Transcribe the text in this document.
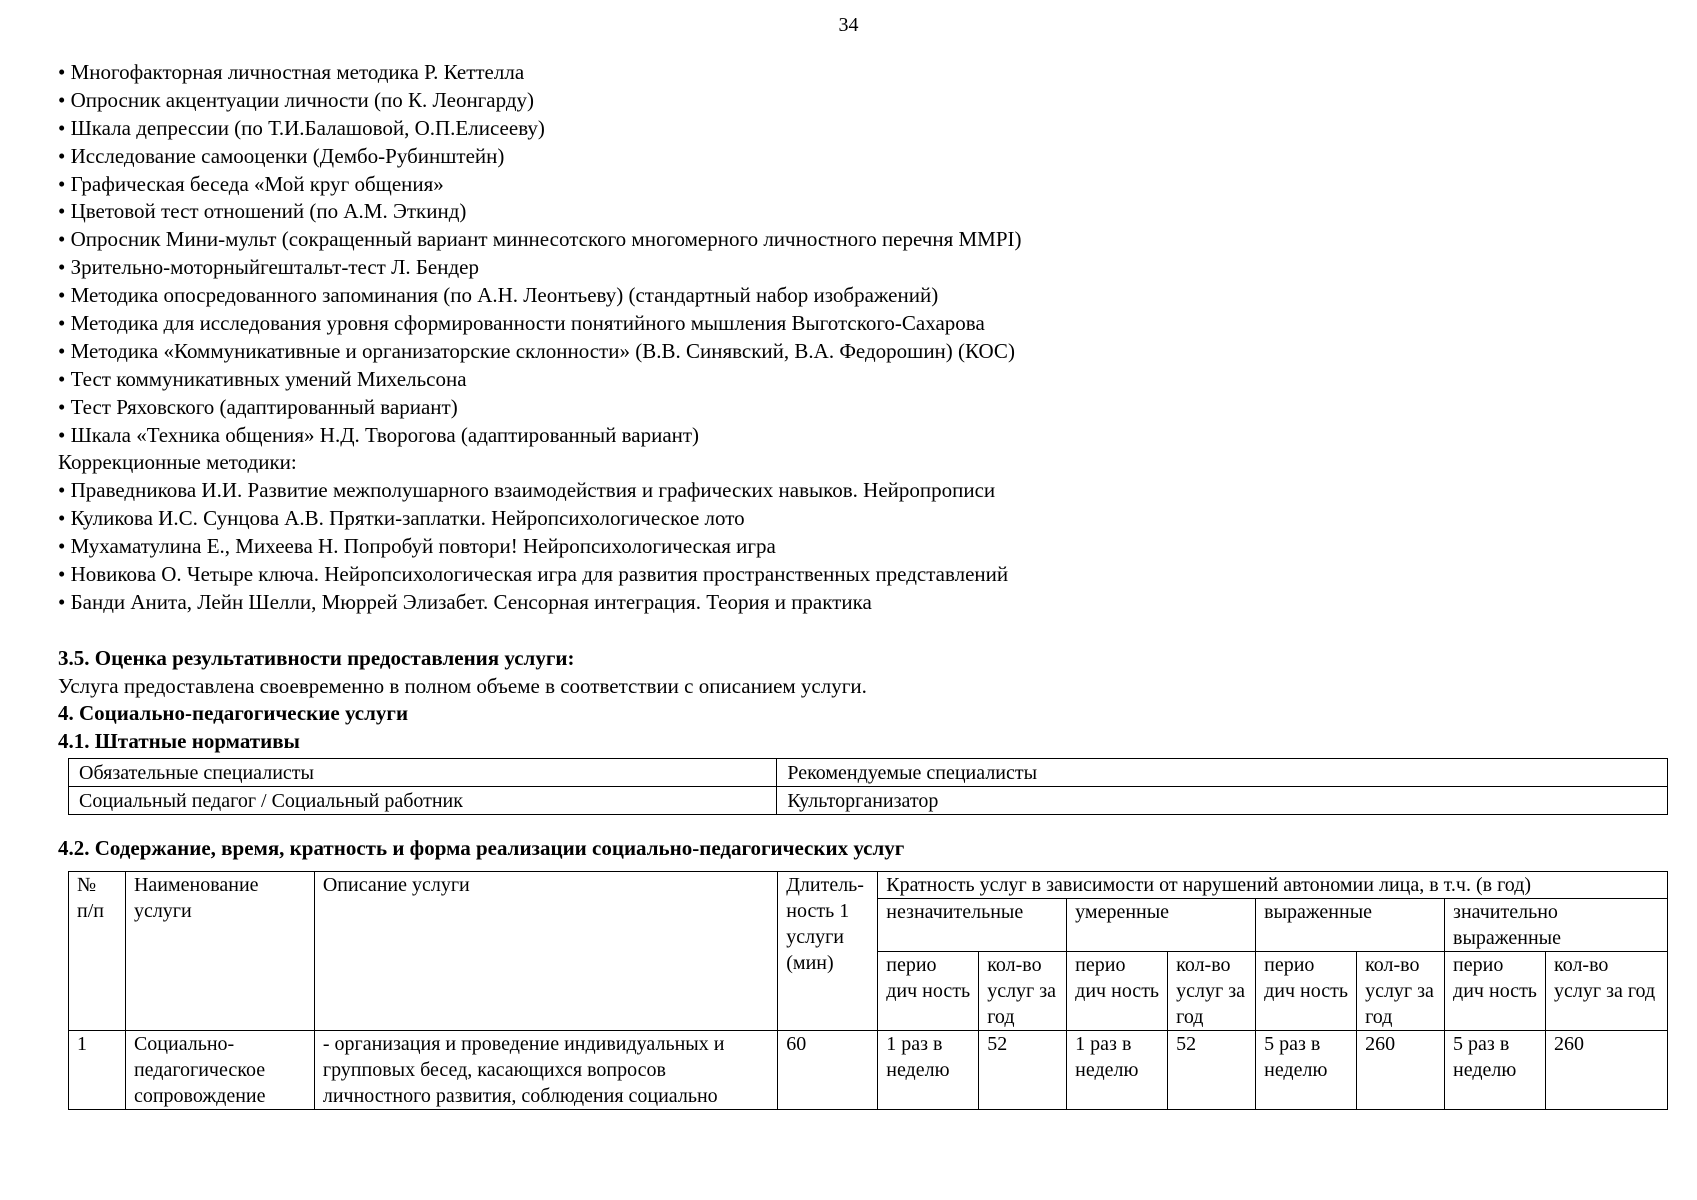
34
• Многофакторная личностная методика Р. Кеттелла
• Опросник акцентуации личности (по К. Леонгарду)
• Шкала депрессии (по Т.И.Балашовой, О.П.Елисееву)
• Исследование самооценки (Дембо-Рубинштейн)
• Графическая беседа «Мой круг общения»
• Цветовой тест отношений (по А.М. Эткинд)
• Опросник Мини-мульт (сокращенный вариант миннесотского многомерного личностного перечня MMPI)
• Зрительно-моторныйгештальт-тест Л. Бендер
• Методика опосредованного запоминания (по А.Н. Леонтьеву) (стандартный набор изображений)
• Методика для исследования уровня сформированности понятийного мышления Выготского-Сахарова
• Методика «Коммуникативные и организаторские склонности» (В.В. Синявский, В.А. Федорошин) (КОС)
• Тест коммуникативных умений Михельсона
• Тест Ряховского (адаптированный вариант)
• Шкала «Техника общения» Н.Д. Творогова (адаптированный вариант)
Коррекционные методики:
• Праведникова И.И. Развитие межполушарного взаимодействия и графических навыков. Нейропрописи
• Куликова И.С. Сунцова А.В. Прятки-заплатки. Нейропсихологическое лото
• Мухаматулина Е., Михеева Н. Попробуй повтори! Нейропсихологическая игра
• Новикова О. Четыре ключа. Нейропсихологическая игра для развития пространственных представлений
• Банди Анита, Лейн Шелли, Мюррей Элизабет. Сенсорная интеграция. Теория и практика
3.5. Оценка результативности предоставления услуги:
Услуга предоставлена своевременно в полном объеме в соответствии с описанием услуги.
4. Социально-педагогические услуги
4.1. Штатные нормативы
Обязательные специалисты	Рекомендуемые специалисты
Социальный педагог / Социальный работник	Культорганизатор
4.2. Содержание, время, кратность и форма реализации социально-педагогических услуг
№ п/п	Наименование услуги	Описание услуги	Длитель-ность 1 услуги (мин)	Кратность услуг в зависимости от нарушений автономии лица, в т.ч. (в год)							
				незначительные		умеренные		выраженные		значительно выраженные	
				перио дич ность	кол-во услуг за год	перио дич ность	кол-во услуг за год	перио дич ность	кол-во услуг за год	перио дич ность	кол-во услуг за год
1	Социально-педагогическое сопровождение	- организация и проведение индивидуальных и групповых бесед, касающихся вопросов личностного развития, соблюдения социально	60	1 раз в неделю	52	1 раз в неделю	52	5 раз в неделю	260	5 раз в неделю	260
